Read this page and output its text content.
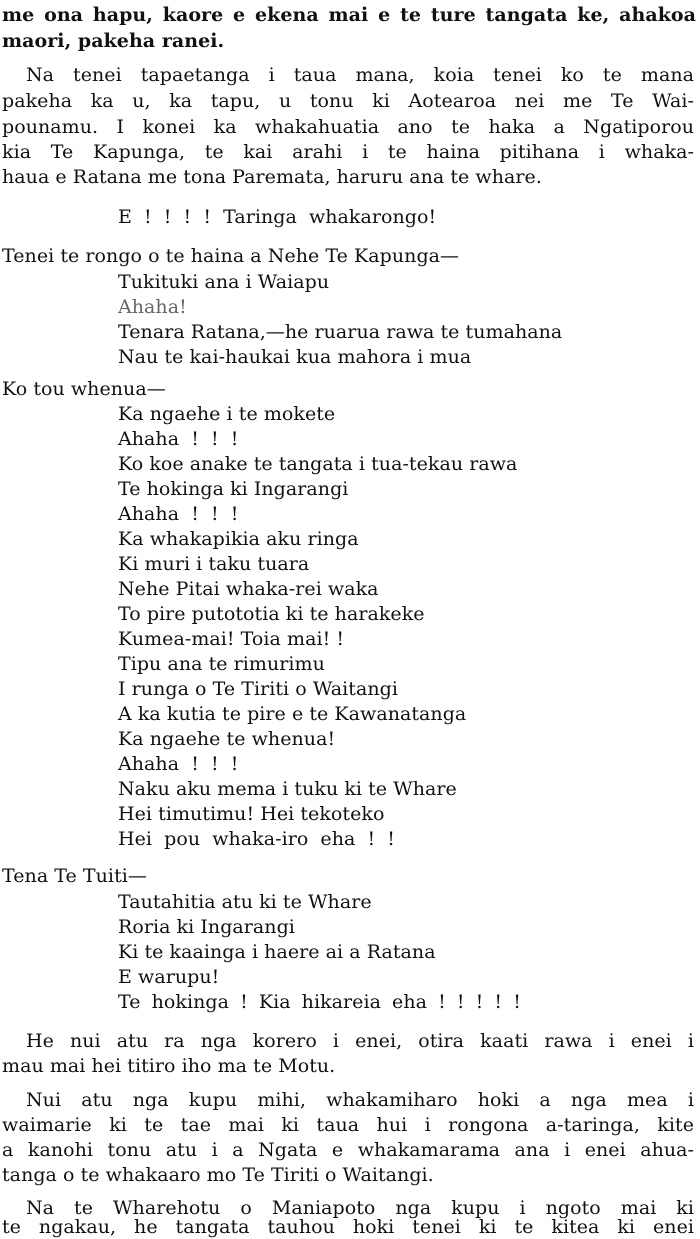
me ona hapu, kaore e ekena mai e te ture tangata ke, ahakoa
maori, pakeha ranei.
Na tenei tapaetanga i taua mana, koia tenei ko te mana
pakeha ka u, ka tapu, u tonu ki Aotearoa nei me Te Wai-
pounamu. I konei ka whakahuatia ano te haka a Ngatiporou
kia Te Kapunga, te kai arahi i te haina pitihana i whaka-
haua e Ratana me tona Paremata, haruru ana te whare.
E ! ! ! ! Taringa whakarongo!
Tenei te rongo o te haina a Nehe Te Kapunga—
Tukituki ana i Waiapu
Ahaha!
Tenara Ratana,—he ruarua rawa te tumahana
Nau te kai-haukai kua mahora i mua
Ko tou whenua—
Ka ngaehe i te mokete
Ahaha ! ! !
Ko koe anake te tangata i tua-tekau rawa
Te hokinga ki Ingarangi
Ahaha ! ! !
Ka whakapikia aku ringa
Ki muri i taku tuara
Nehe Pitai whaka-rei waka
To pire putototia ki te harakeke
Kumea-mai! Toia mai! !
Tipu ana te rimurimu
I runga o Te Tiriti o Waitangi
A ka kutia te pire e te Kawanatanga
Ka ngaehe te whenua!
Ahaha ! ! !
Naku aku mema i tuku ki te Whare
Hei timutimu! Hei tekoteko
Hei pou whaka-iro eha ! !
Tena Te Tuiti—
Tautahitia atu ki te Whare
Roria ki Ingarangi
Ki te kaainga i haere ai a Ratana
E warupu!
Te hokinga ! Kia hikareia eha ! ! ! ! !
He nui atu ra nga korero i enei, otira kaati rawa i enei i
mau mai hei titiro iho ma te Motu.
Nui atu nga kupu mihi, whakamiharo hoki a nga mea i
waimarie ki te tae mai ki taua hui i rongona a-taringa, kite
a kanohi tonu atu i a Ngata e whakamarama ana i enei ahua-
tanga o te whakaaro mo Te Tiriti o Waitangi.
Na te Wharehotu o Maniapoto nga kupu i ngoto mai ki
te ngakau, he tangata tauhou hoki tenei ki te kitea ki enei
